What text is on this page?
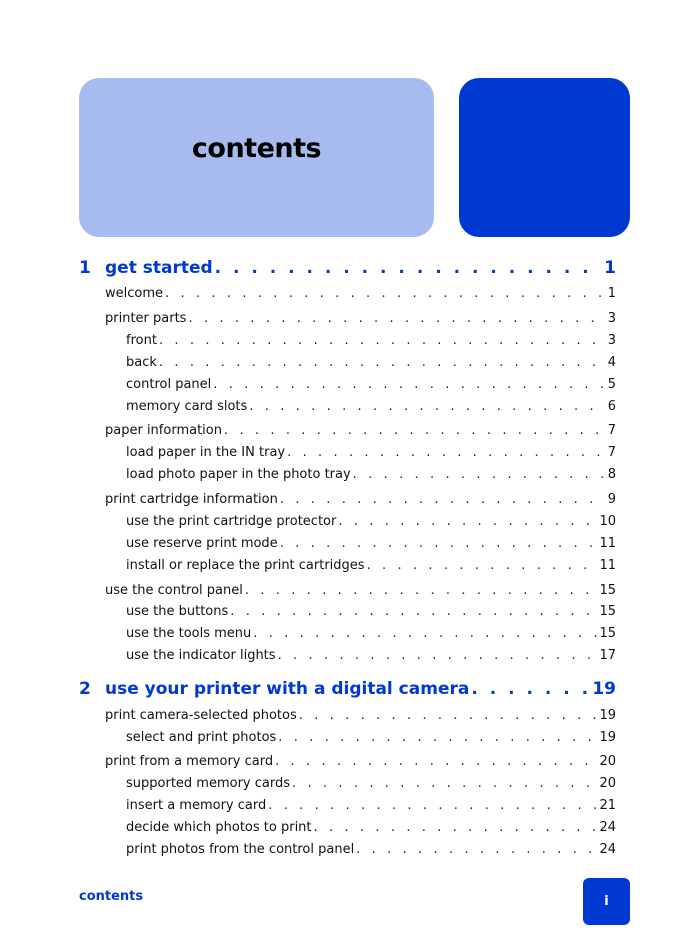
contents
1 get started . . .	1
welcome . . .	1
printer parts . . .	3
front . . .	3
back . . .	4
control panel . . .	5
memory card slots . . .	6
paper information . . .	7
load paper in the IN tray . . .	7
load photo paper in the photo tray . . .	8
print cartridge information . . .	9
use the print cartridge protector . . .	10
use reserve print mode . . .	11
install or replace the print cartridges . . .	11
use the control panel . . .	15
use the buttons . . .	15
use the tools menu . . .	15
use the indicator lights . . .	17
2 use your printer with a digital camera . . .	19
print camera-selected photos . . .	19
select and print photos . . .	19
print from a memory card . . .	20
supported memory cards . . .	20
insert a memory card . . .	21
decide which photos to print . . .	24
print photos from the control panel . . .	24
contents	i
